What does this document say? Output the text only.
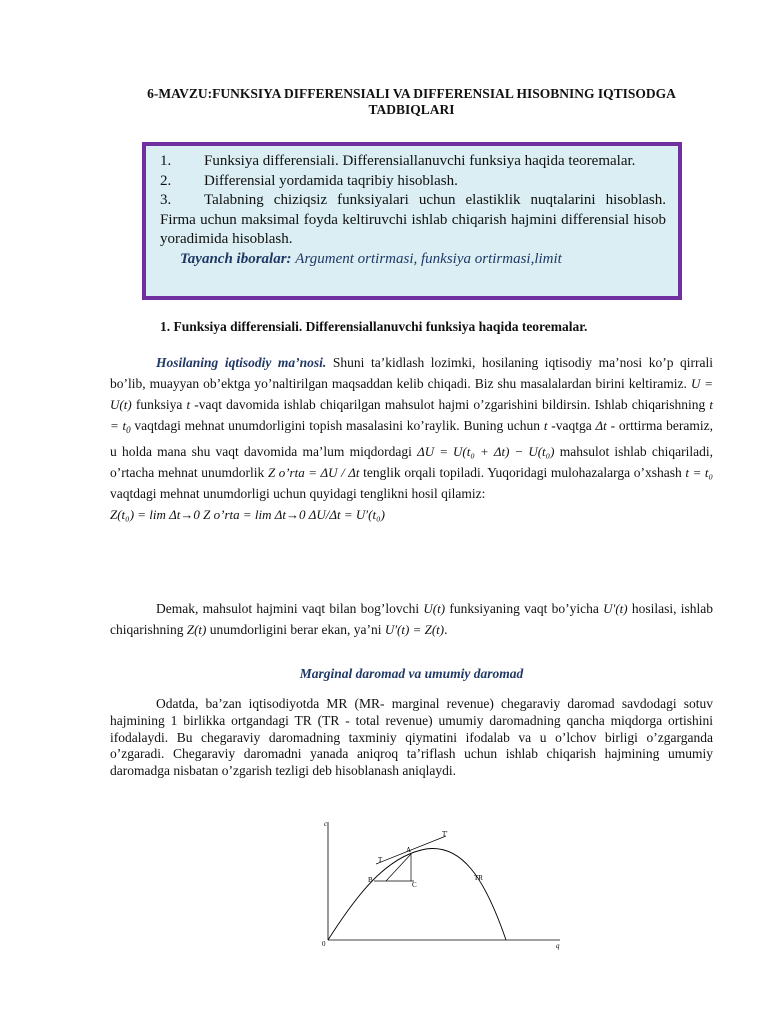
6-MAVZU:FUNKSIYA DIFFERENSIALI VA DIFFERENSIAL HISOBNING IQTISODGA TADBIQLARI
1. Funksiya differensiali. Differensiallanuvchi funksiya haqida teoremalar.
2. Differensial yordamida taqribiy hisoblash.
3. Talabning chiziqsiz funksiyalari uchun elastiklik nuqtalarini hisoblash. Firma uchun maksimal foyda keltiruvchi ishlab chiqarish hajmini differensial hisob yoradimida hisoblash.
Tayanch iboralar: Argument ortirmasi, funksiya ortirmasi,limit
1. Funksiya differensiali. Differensiallanuvchi funksiya haqida teoremalar.
Hosilaning iqtisodiy ma’nosi. Shuni ta’kidlash lozimki, hosilaning iqtisodiy ma’nosi ko’p qirrali bo’lib, muayyan ob’ektga yo’naltirilgan maqsaddan kelib chiqadi. Biz shu masalalardan birini keltiramiz. U = U(t) funksiya t -vaqt davomida ishlab chiqarilgan mahsulot hajmi o’zgarishini bildirsin. Ishlab chiqarishning $t = t_0$ vaqtdagi mehnat unumdorligini topish masalasini ko’raylik. Buning uchun t -vaqtga Δt - orttirma beramiz, u holda mana shu vaqt davomida ma’lum miqdordagi ΔU = U(t₀ + Δt) − U(t₀) mahsulot ishlab chiqariladi, o’rtacha mehnat unumdorlik Z o’rta = ΔU / Δt tenglik orqali topiladi. Yuqoridagi mulohazalarga o’xshash t = t₀ vaqtdagi mehnat unumdorligi uchun quyidagi tenglikni hosil qilamiz:
Z(t₀) = lim Δt→0 Z o’rta = lim Δt→0 ΔU/Δt = U′(t₀)
Demak, mahsulot hajmini vaqt bilan bog’lovchi U(t) funksiyaning vaqt bo’yicha U′(t) hosilasi, ishlab chiqarishning Z(t) unumdorligini berar ekan, ya’ni U′(t) = Z(t).
Marginal daromad va umumiy daromad
Odatda, ba’zan iqtisodiyotda MR (MR- marginal revenue) chegaraviy daromad savdodagi sotuv hajmining 1 birlikka ortgandagi TR (TR - total revenue) umumiy daromadning qancha miqdorga ortishini ifodalaydi. Bu chegaraviy daromadning taxminiy qiymatini ifodalab va u o’lchov birligi o’zgarganda o’zgaradi. Chegaraviy daromadni yanada aniqroq ta’riflash uchun ishlab chiqarish hajmining umumiy daromadga nisbatan o’zgarish tezligi deb hisoblanash aniqlaydi.
c
q
0
A
B
C
T
T'
TR
